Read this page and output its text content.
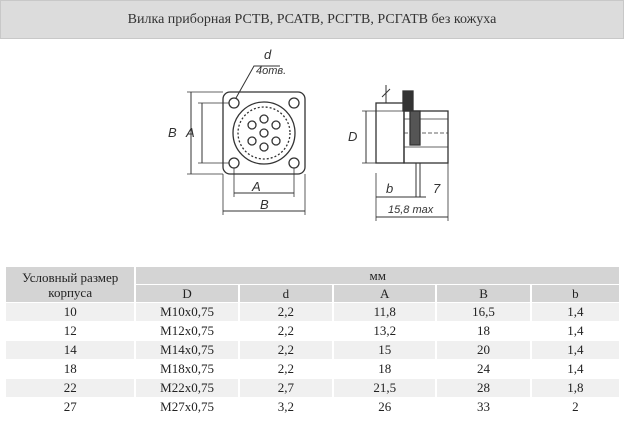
Вилка приборная РСТВ, РСАТВ, РСГТВ, РСГАТВ без кожуха
d
4отв.
B A
A
B
D
b	7
15,8 max
Условный размер корпуса	мм				
	D	d	A	B	b
10	M10x0,75	2,2	11,8	16,5	1,4
12	M12x0,75	2,2	13,2	18	1,4
14	M14x0,75	2,2	15	20	1,4
18	M18x0,75	2,2	18	24	1,4
22	M22x0,75	2,7	21,5	28	1,8
27	M27x0,75	3,2	26	33	2
